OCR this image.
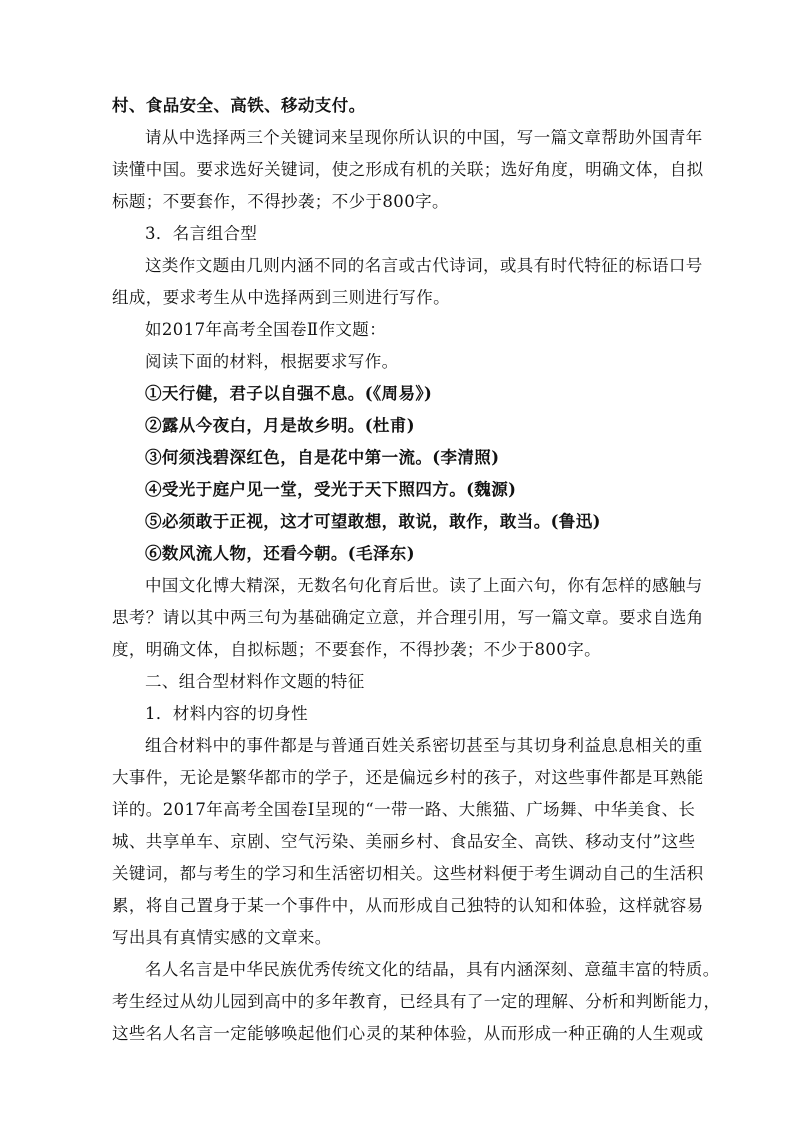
村、食品安全、高铁、移动支付。
请从中选择两三个关键词来呈现你所认识的中国，写一篇文章帮助外国青年
读懂中国。要求选好关键词，使之形成有机的关联；选好角度，明确文体，自拟
标题；不要套作，不得抄袭；不少于800字。
3．名言组合型
这类作文题由几则内涵不同的名言或古代诗词，或具有时代特征的标语口号
组成，要求考生从中选择两到三则进行写作。
如2017年高考全国卷Ⅱ作文题：
阅读下面的材料，根据要求写作。
①天行健，君子以自强不息。(《周易》)
②露从今夜白，月是故乡明。(杜甫)
③何须浅碧深红色，自是花中第一流。(李清照)
④受光于庭户见一堂，受光于天下照四方。(魏源)
⑤必须敢于正视，这才可望敢想，敢说，敢作，敢当。(鲁迅)
⑥数风流人物，还看今朝。(毛泽东)
中国文化博大精深，无数名句化育后世。读了上面六句，你有怎样的感触与
思考？请以其中两三句为基础确定立意，并合理引用，写一篇文章。要求自选角
度，明确文体，自拟标题；不要套作，不得抄袭；不少于800字。
二、组合型材料作文题的特征
1．材料内容的切身性
组合材料中的事件都是与普通百姓关系密切甚至与其切身利益息息相关的重
大事件，无论是繁华都市的学子，还是偏远乡村的孩子，对这些事件都是耳熟能
详的。2017年高考全国卷Ⅰ呈现的“一带一路、大熊猫、广场舞、中华美食、长
城、共享单车、京剧、空气污染、美丽乡村、食品安全、高铁、移动支付”这些
关键词，都与考生的学习和生活密切相关。这些材料便于考生调动自己的生活积
累，将自己置身于某一个事件中，从而形成自己独特的认知和体验，这样就容易
写出具有真情实感的文章来。
名人名言是中华民族优秀传统文化的结晶，具有内涵深刻、意蕴丰富的特质。
考生经过从幼儿园到高中的多年教育，已经具有了一定的理解、分析和判断能力，
这些名人名言一定能够唤起他们心灵的某种体验，从而形成一种正确的人生观或
